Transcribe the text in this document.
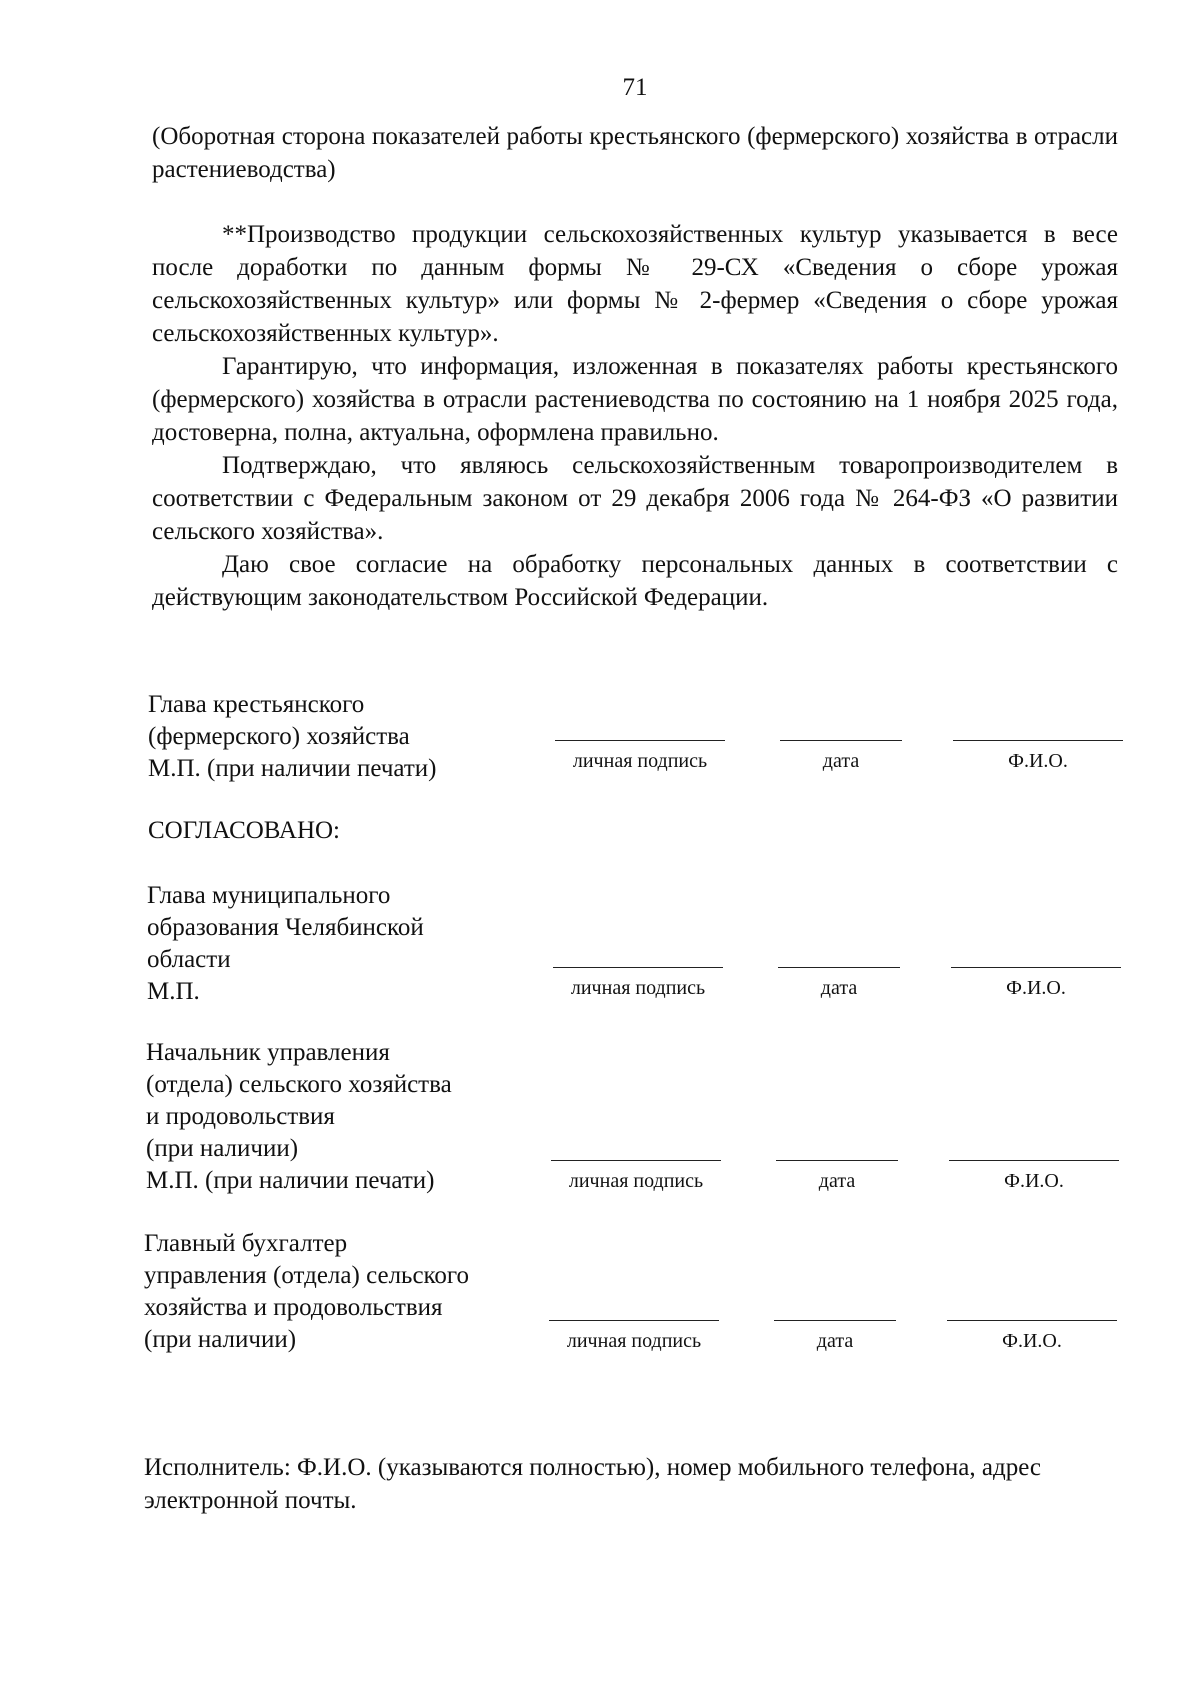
71

(Оборотная сторона показателей работы крестьянского (фермерского) хозяйства в отрасли растениеводства)

**Производство продукции сельскохозяйственных культур указывается в весе после доработки по данным формы № 29-СХ «Сведения о сборе урожая сельскохозяйственных культур» или формы № 2-фермер «Сведения о сборе урожая сельскохозяйственных культур».

Гарантирую, что информация, изложенная в показателях работы крестьянского (фермерского) хозяйства в отрасли растениеводства по состоянию на 1 ноября 2025 года, достоверна, полна, актуальна, оформлена правильно.

Подтверждаю, что являюсь сельскохозяйственным товаропроизводителем в соответствии с Федеральным законом от 29 декабря 2006 года № 264-ФЗ «О развитии сельского хозяйства».

Даю свое согласие на обработку персональных данных в соответствии с действующим законодательством Российской Федерации.

Глава крестьянского
(фермерского) хозяйства
М.П. (при наличии печати)	личная подпись	дата	Ф.И.О.
СОГЛАСОВАНО:
Глава муниципального
образования Челябинской
области
М.П.	личная подпись	дата	Ф.И.О.
Начальник управления
(отдела) сельского хозяйства
и продовольствия
(при наличии)
М.П. (при наличии печати)	личная подпись	дата	Ф.И.О.
Главный бухгалтер
управления (отдела) сельского
хозяйства и продовольствия
(при наличии)	личная подпись	дата	Ф.И.О.
Исполнитель: Ф.И.О. (указываются полностью), номер мобильного телефона, адрес электронной почты.
